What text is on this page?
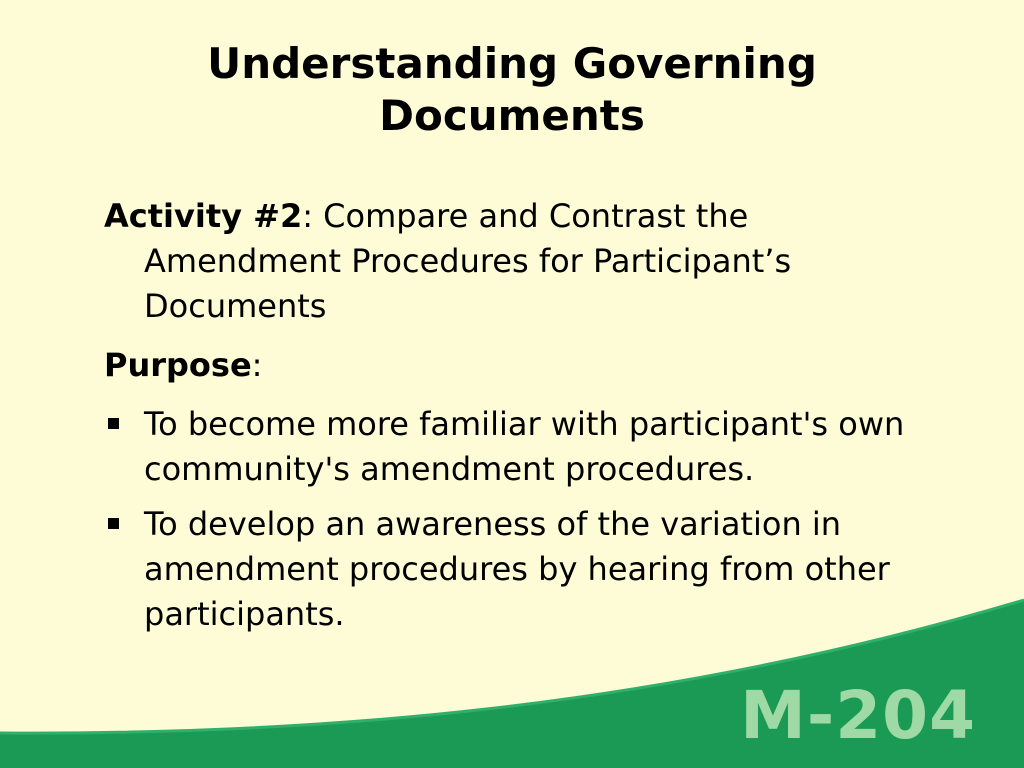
Understanding Governing
Documents
Activity #2: Compare and Contrast the
Amendment Procedures for Participant’s
Documents
Purpose:
To become more familiar with participant's own community's amendment procedures.
To develop an awareness of the variation in amendment procedures by hearing from other participants.
M-204
